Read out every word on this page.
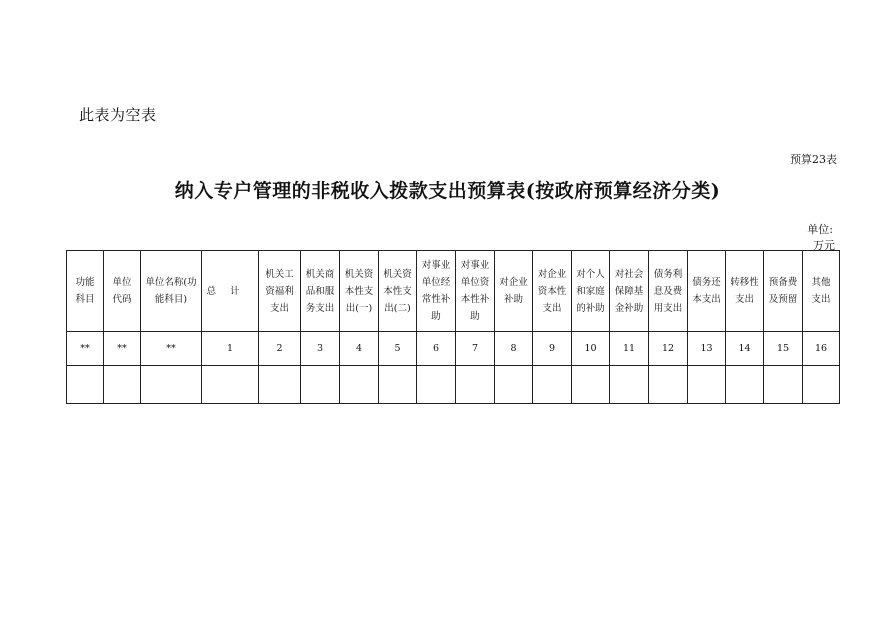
此表为空表
预算23表
纳入专户管理的非税收入拨款支出预算表(按政府预算经济分类)
单位:
万元
功能科目	单位代码	单位名称(功能科目)	总计	机关工资福利支出	机关商品和服务支出	机关资本性支出(一)	机关资本性支出(二)	对事业单位经常性补助	对事业单位资本性补助	对企业补助	对企业资本性支出	对个人和家庭的补助	对社会保障基金补助	债务利息及费用支出	债务还本支出	转移性支出	预备费及预留	其他支出
**	**	**	1	2	3	4	5	6	7	8	9	10	11	12	13	14	15	16
